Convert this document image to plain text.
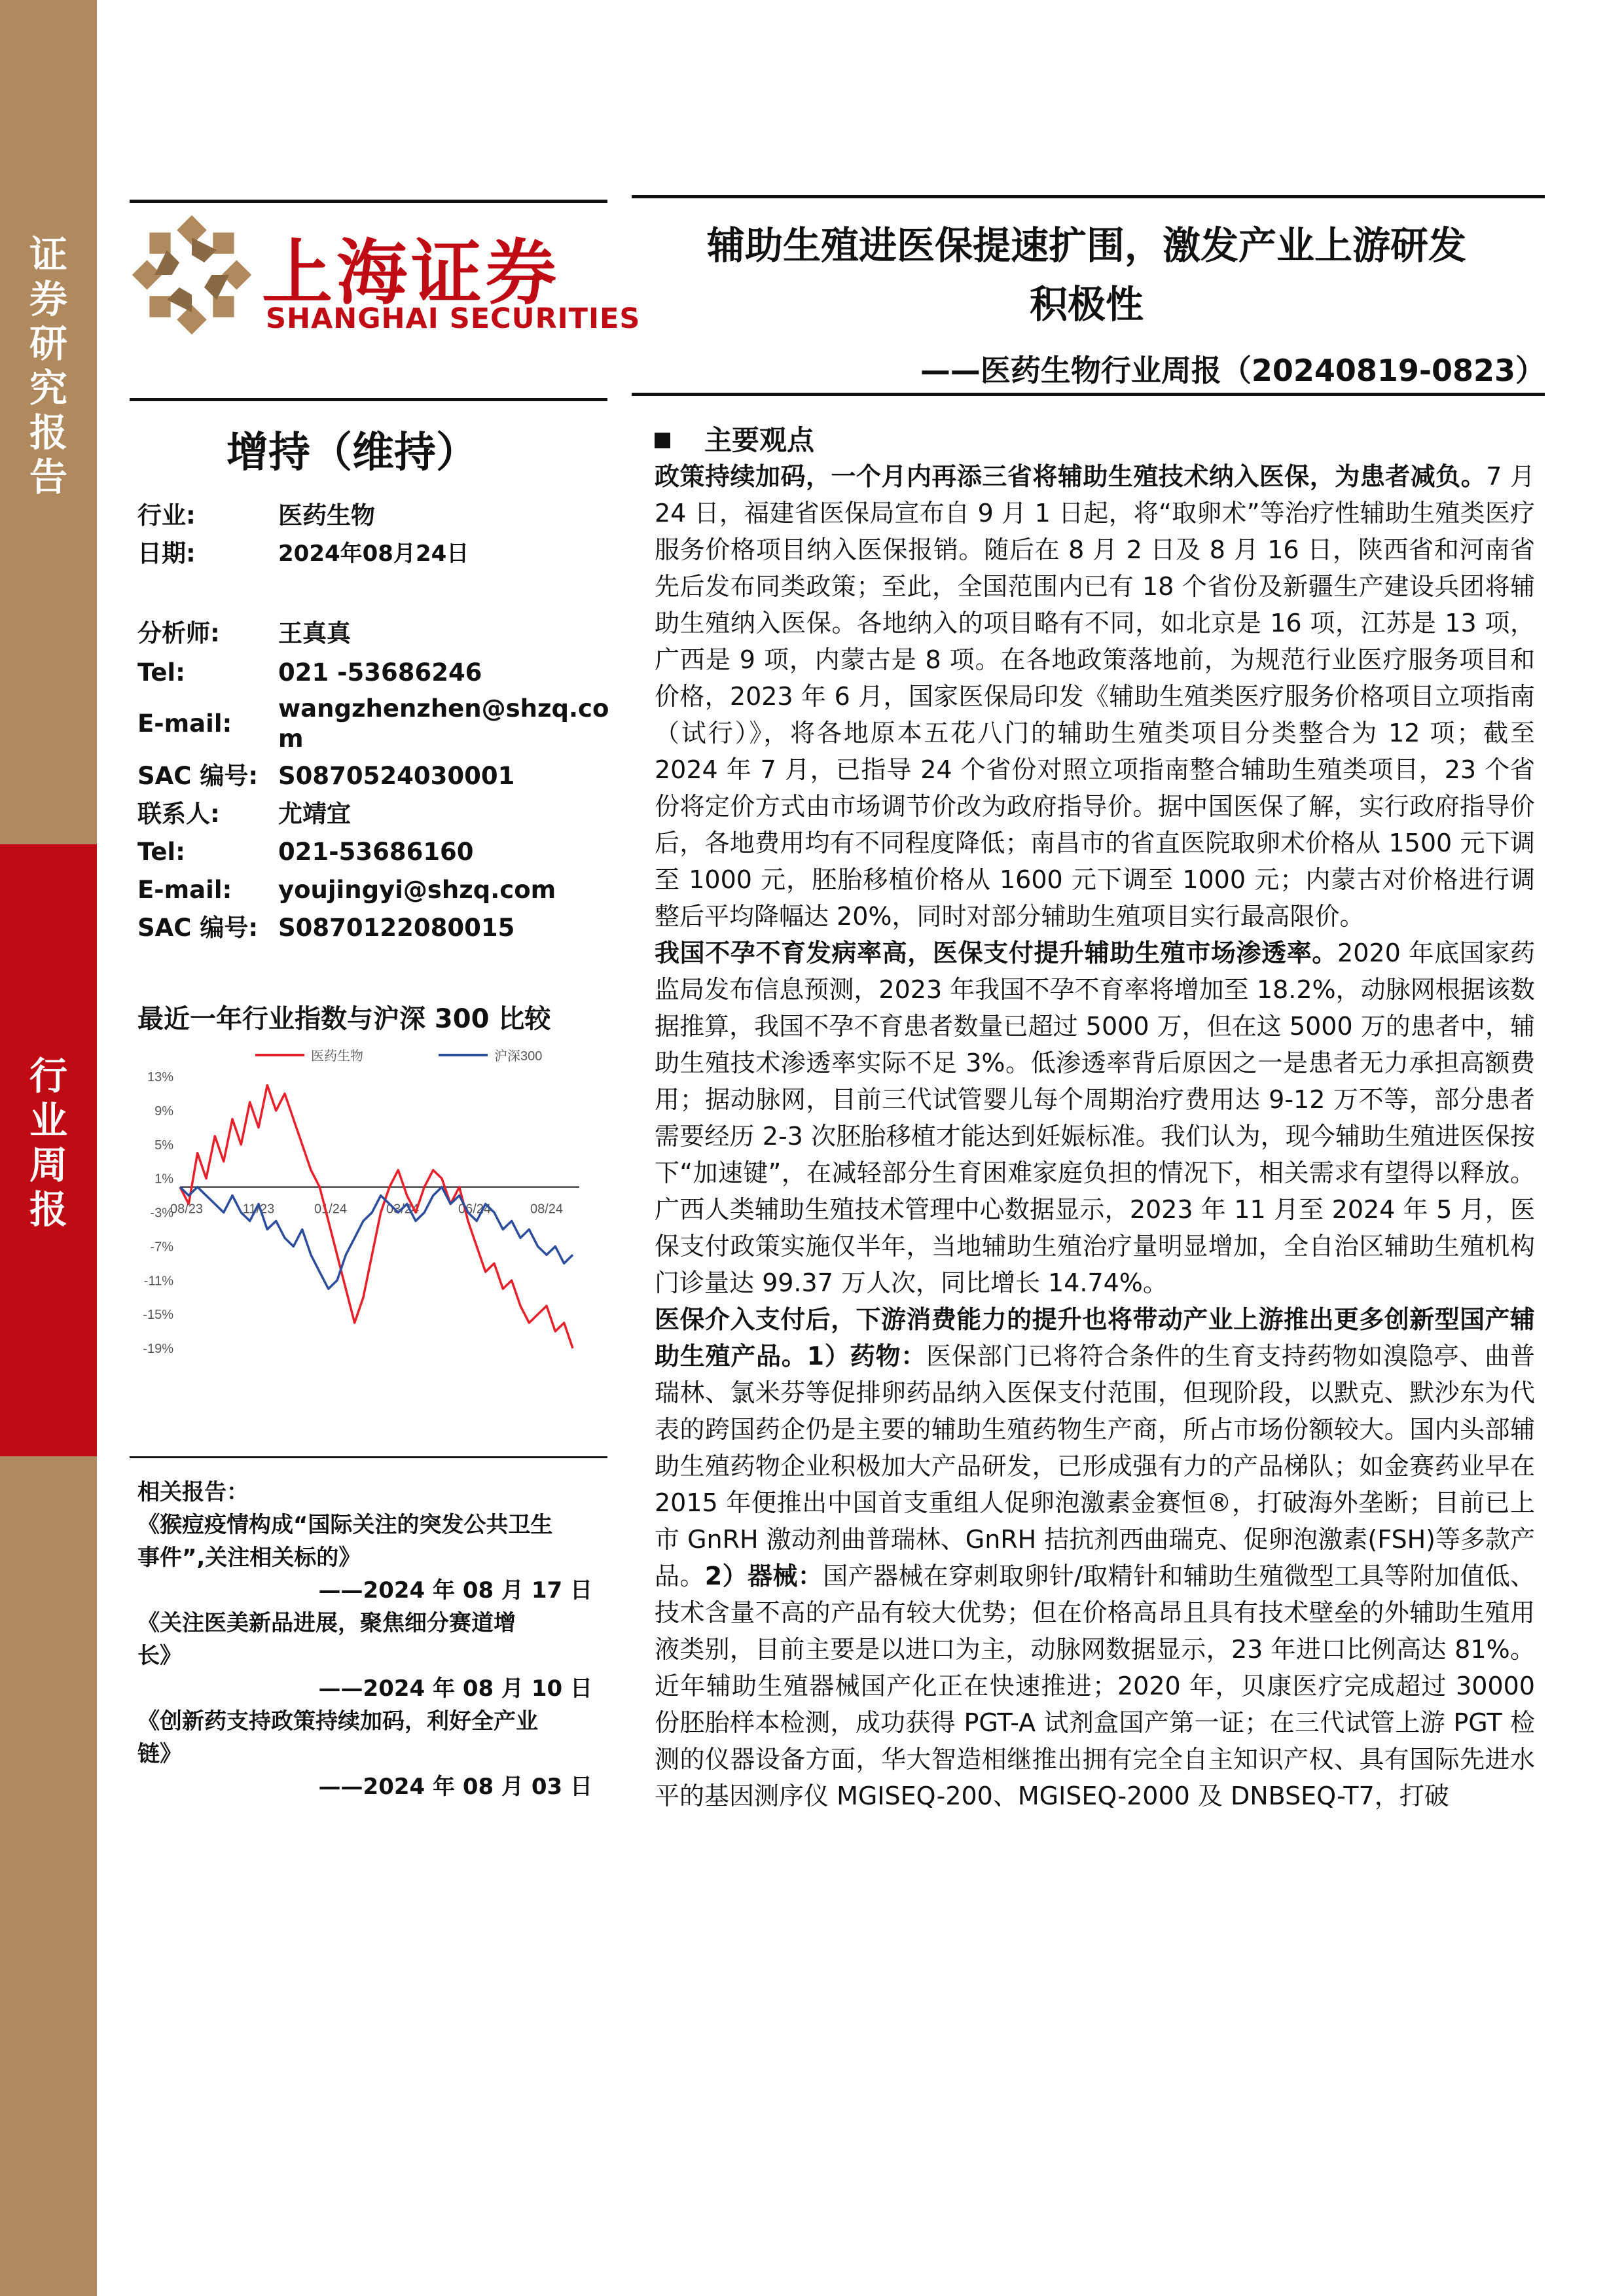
证
券
研
究
报
告
行
业
周
报
上海证券
SHANGHAI SECURITIES
辅助生殖进医保提速扩围，激发产业上游研发
积极性
——医药生物行业周报（20240819-0823）
增持（维持）
行业:	医药生物
日期:	2024年08月24日
分析师: 王真真
Tel:	021 -53686246
E-mail:
wangzhenzhen@shzq.co
m
SAC 编号: S0870524030001
联系人: 尤靖宜
Tel:	021-53686160
E-mail: youjingyi@shzq.com
SAC 编号: S0870122080015
最近一年行业指数与沪深 300 比较
医药生物	沪深300
13%
9%
5%
1%
-3%
-7%
-11%
-15%
-19%
08/23	11/23	01/24	03/24	06/24	08/24
相关报告：
《猴痘疫情构成“国际关注的突发公共卫生
事件”,关注相关标的》
——2024 年 08 月 17 日
《关注医美新品进展，聚焦细分赛道增
长》
——2024 年 08 月 10 日
《创新药支持政策持续加码，利好全产业
链》
——2024 年 08 月 03 日
主要观点

政策持续加码，一个月内再添三省将辅助生殖技术纳入医保，为患者减负。7 月 24 日，福建省医保局宣布自 9 月 1 日起，将“取卵术”等治疗性辅助生殖类医疗服务价格项目纳入医保报销。随后在 8 月 2 日及 8 月 16 日，陕西省和河南省先后发布同类政策；至此，全国范围内已有 18 个省份及新疆生产建设兵团将辅助生殖纳入医保。各地纳入的项目略有不同，如北京是 16 项，江苏是 13 项，广西是 9 项，内蒙古是 8 项。在各地政策落地前，为规范行业医疗服务项目和价格，2023 年 6 月，国家医保局印发《辅助生殖类医疗服务价格项目立项指南（试行）》，将各地原本五花八门的辅助生殖类项目分类整合为 12 项；截至 2024 年 7 月，已指导 24 个省份对照立项指南整合辅助生殖类项目，23 个省份将定价方式由市场调节价改为政府指导价。据中国医保了解，实行政府指导价后，各地费用均有不同程度降低；南昌市的省直医院取卵术价格从 1500 元下调至 1000 元，胚胎移植价格从 1600 元下调至 1000 元；内蒙古对价格进行调整后平均降幅达 20%，同时对部分辅助生殖项目实行最高限价。

我国不孕不育发病率高，医保支付提升辅助生殖市场渗透率。2020 年底国家药监局发布信息预测，2023 年我国不孕不育率将增加至 18.2%，动脉网根据该数据推算，我国不孕不育患者数量已超过 5000 万，但在这 5000 万的患者中，辅助生殖技术渗透率实际不足 3%。低渗透率背后原因之一是患者无力承担高额费用；据动脉网，目前三代试管婴儿每个周期治疗费用达 9-12 万不等，部分患者需要经历 2-3 次胚胎移植才能达到妊娠标准。我们认为，现今辅助生殖进医保按下“加速键”，在减轻部分生育困难家庭负担的情况下，相关需求有望得以释放。广西人类辅助生殖技术管理中心数据显示，2023 年 11 月至 2024 年 5 月，医保支付政策实施仅半年，当地辅助生殖治疗量明显增加，全自治区辅助生殖机构门诊量达 99.37 万人次，同比增长 14.74%。

医保介入支付后，下游消费能力的提升也将带动产业上游推出更多创新型国产辅助生殖产品。1）药物：医保部门已将符合条件的生育支持药物如溴隐亭、曲普瑞林、氯米芬等促排卵药品纳入医保支付范围，但现阶段，以默克、默沙东为代表的跨国药企仍是主要的辅助生殖药物生产商，所占市场份额较大。国内头部辅助生殖药物企业积极加大产品研发，已形成强有力的产品梯队；如金赛药业早在 2015 年便推出中国首支重组人促卵泡激素金赛恒®，打破海外垄断；目前已上市 GnRH 激动剂曲普瑞林、GnRH 拮抗剂西曲瑞克、促卵泡激素(FSH)等多款产品。2）器械：国产器械在穿刺取卵针/取精针和辅助生殖微型工具等附加值低、技术含量不高的产品有较大优势；但在价格高昂且具有技术壁垒的外辅助生殖用液类别，目前主要是以进口为主，动脉网数据显示，23 年进口比例高达 81%。近年辅助生殖器械国产化正在快速推进；2020 年，贝康医疗完成超过 30000 份胚胎样本检测，成功获得 PGT-A 试剂盒国产第一证；在三代试管上游 PGT 检测的仪器设备方面，华大智造相继推出拥有完全自主知识产权、具有国际先进水平的基因测序仪 MGISEQ-200、MGISEQ-2000 及 DNBSEQ-T7，打破
